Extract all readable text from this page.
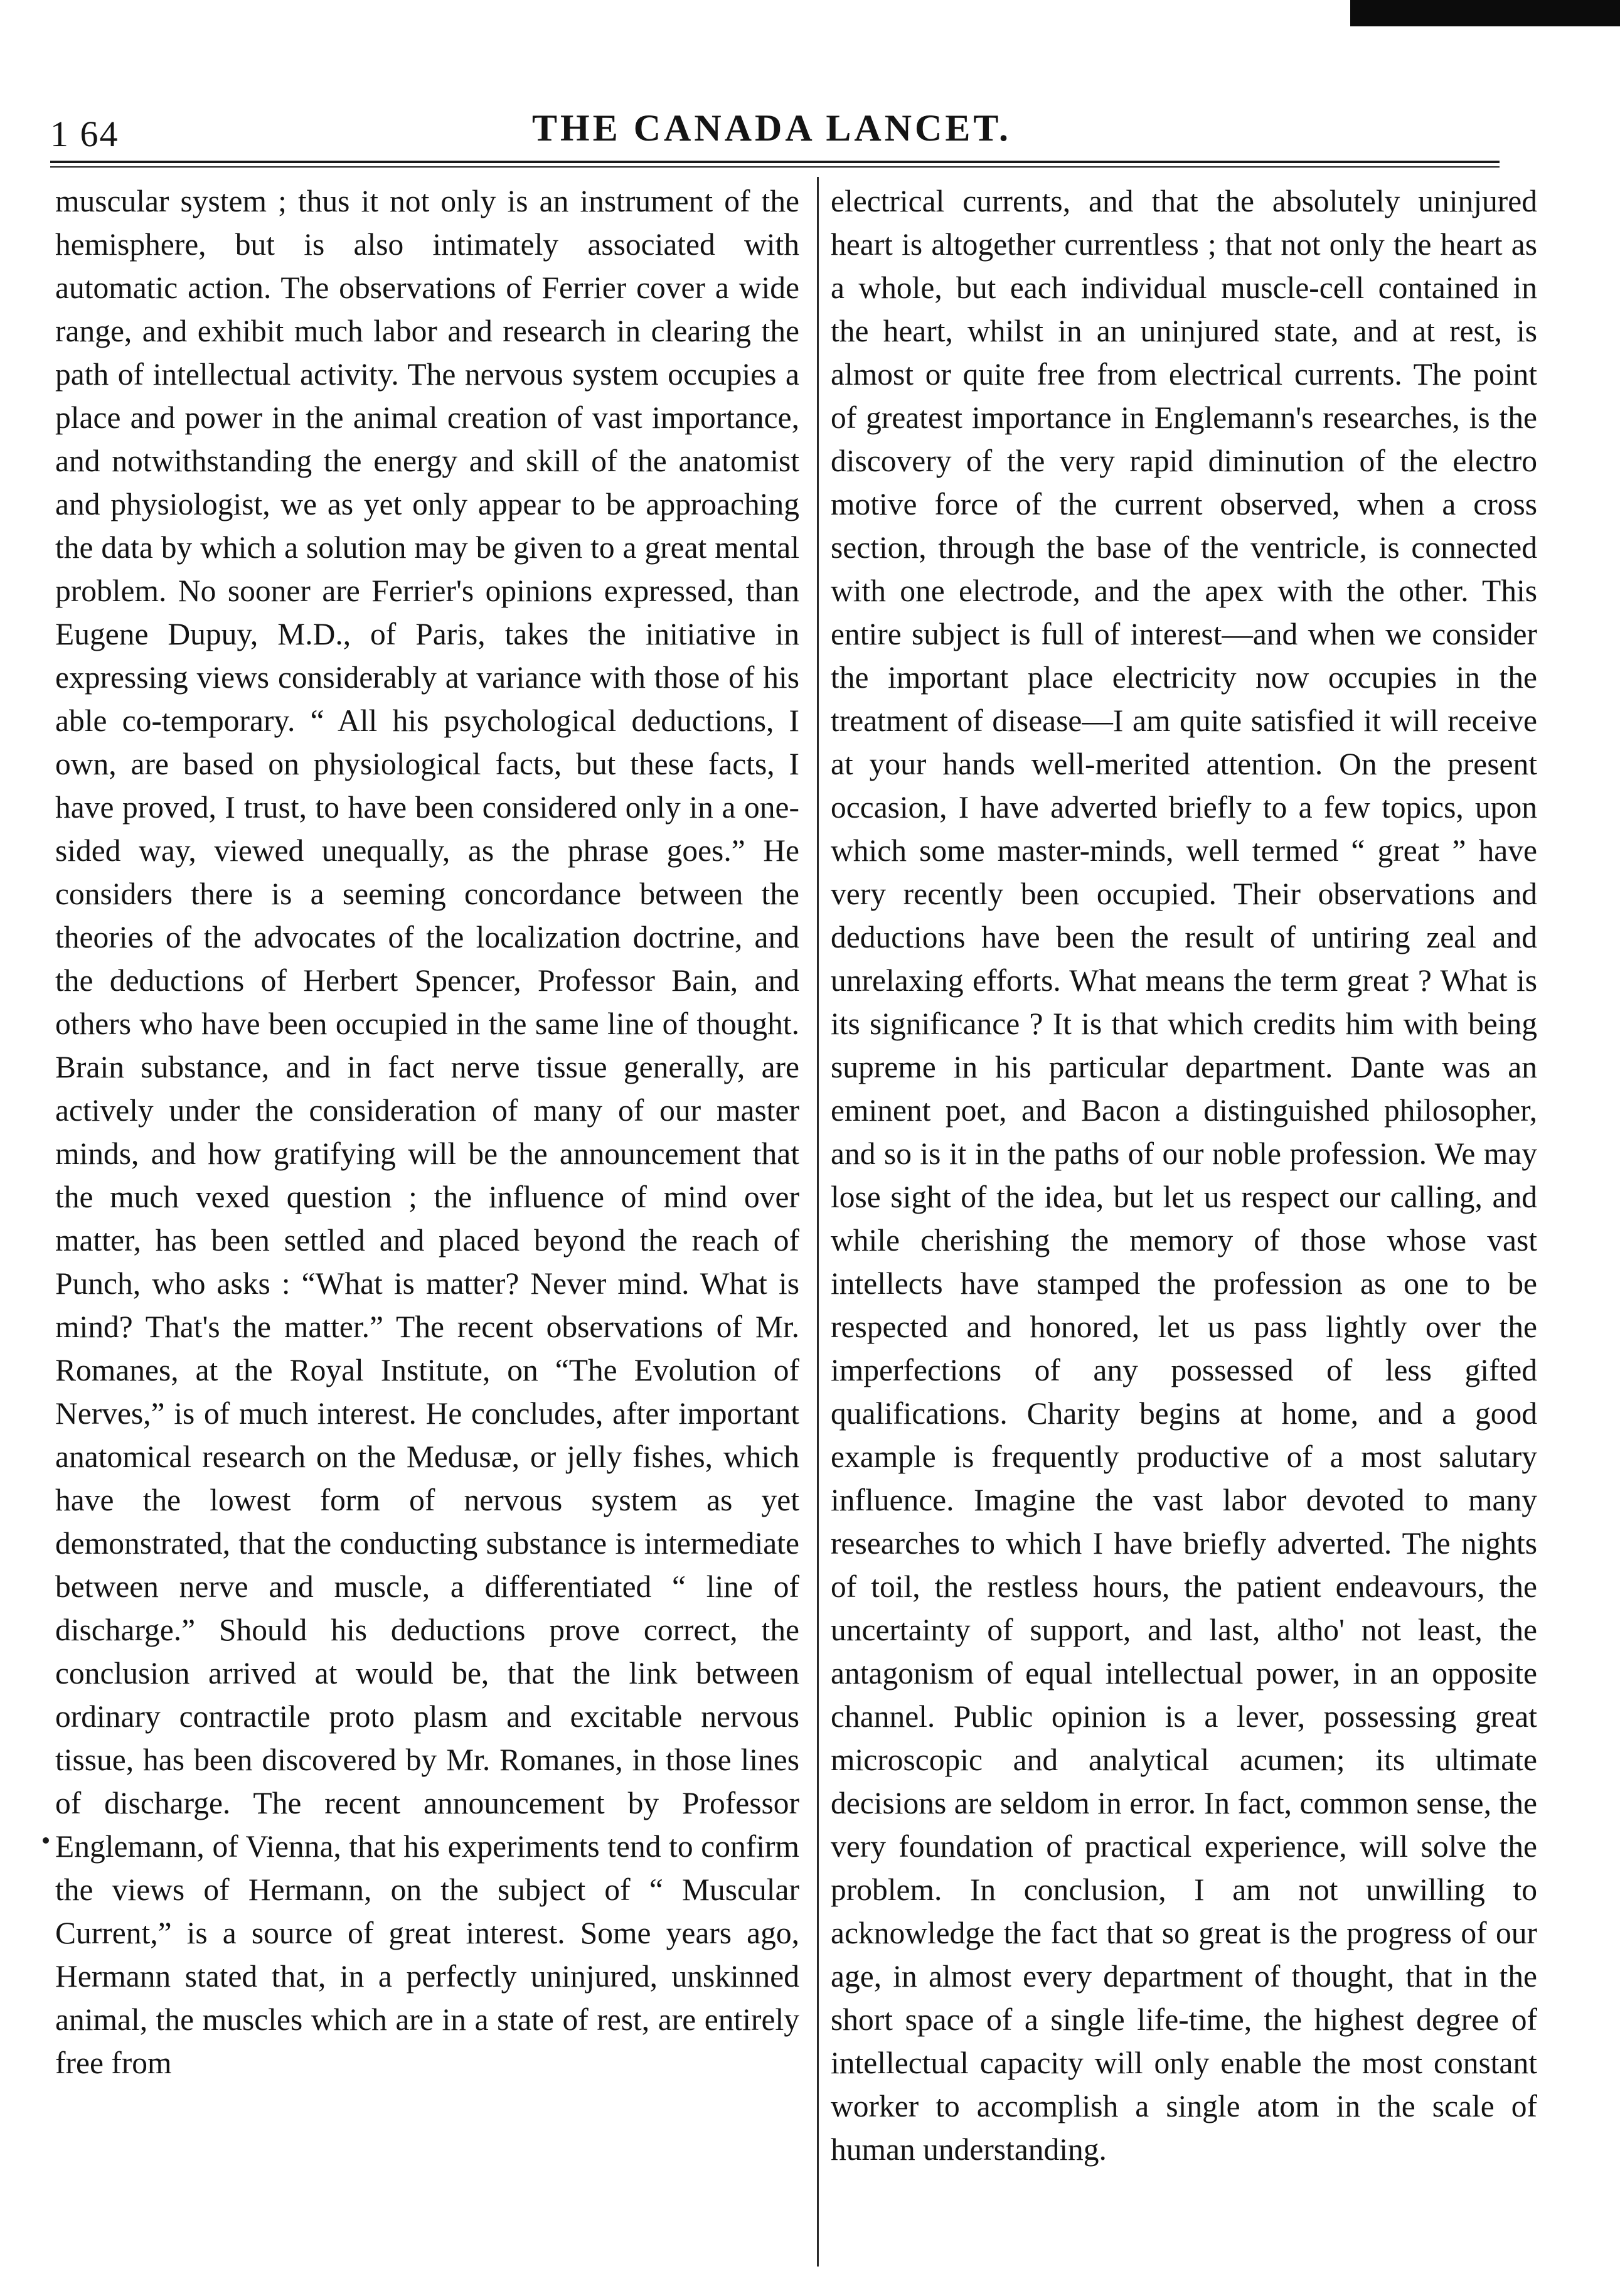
1 64	THE CANADA LANCET.

muscular system ; thus it not only is an instrument of the hemisphere, but is also intimately associated with automatic action. The observations of Ferrier cover a wide range, and exhibit much labor and research in clearing the path of intellectual activity. The nervous system occupies a place and power in the animal creation of vast importance, and notwithstanding the energy and skill of the anatomist and physiologist, we as yet only appear to be approaching the data by which a solution may be given to a great mental problem. No sooner are Ferrier's opinions expressed, than Eugene Dupuy, M.D., of Paris, takes the initiative in expressing views considerably at variance with those of his able co-temporary. “ All his psychological deductions, I own, are based on physiological facts, but these facts, I have proved, I trust, to have been considered only in a one-sided way, viewed unequally, as the phrase goes.” He considers there is a seeming concordance between the theories of the advocates of the localization doctrine, and the deductions of Herbert Spencer, Professor Bain, and others who have been occupied in the same line of thought. Brain substance, and in fact nerve tissue generally, are actively under the consideration of many of our master minds, and how gratifying will be the announcement that the much vexed question ; the influence of mind over matter, has been settled and placed beyond the reach of Punch, who asks : “What is matter? Never mind. What is mind? That's the matter.” The recent observations of Mr. Romanes, at the Royal Institute, on “The Evolution of Nerves,” is of much interest. He concludes, after important anatomical research on the Medusæ, or jelly fishes, which have the lowest form of nervous system as yet demonstrated, that the conducting substance is intermediate between nerve and muscle, a differentiated “ line of discharge.” Should his deductions prove correct, the conclusion arrived at would be, that the link between ordinary contractile proto plasm and excitable nervous tissue, has been discovered by Mr. Romanes, in those lines of discharge. The recent announcement by Professor Englemann, of Vienna, that his experiments tend to confirm the views of Hermann, on the subject of “ Muscular Current,” is a source of great interest. Some years ago, Hermann stated that, in a perfectly uninjured, unskinned animal, the muscles which are in a state of rest, are entirely free from

electrical currents, and that the absolutely uninjured heart is altogether currentless ; that not only the heart as a whole, but each individual muscle-cell contained in the heart, whilst in an uninjured state, and at rest, is almost or quite free from electrical currents. The point of greatest importance in Englemann's researches, is the discovery of the very rapid diminution of the electro motive force of the current observed, when a cross section, through the base of the ventricle, is connected with one electrode, and the apex with the other. This entire subject is full of interest—and when we consider the important place electricity now occupies in the treatment of disease—I am quite satisfied it will receive at your hands well-merited attention. On the present occasion, I have adverted briefly to a few topics, upon which some master-minds, well termed “ great ” have very recently been occupied. Their observations and deductions have been the result of untiring zeal and unrelaxing efforts. What means the term great ? What is its significance ? It is that which credits him with being supreme in his particular department. Dante was an eminent poet, and Bacon a distinguished philosopher, and so is it in the paths of our noble profession. We may lose sight of the idea, but let us respect our calling, and while cherishing the memory of those whose vast intellects have stamped the profession as one to be respected and honored, let us pass lightly over the imperfections of any possessed of less gifted qualifications. Charity begins at home, and a good example is frequently productive of a most salutary influence. Imagine the vast labor devoted to many researches to which I have briefly adverted. The nights of toil, the restless hours, the patient endeavours, the uncertainty of support, and last, altho' not least, the antagonism of equal intellectual power, in an opposite channel. Public opinion is a lever, possessing great microscopic and analytical acumen; its ultimate decisions are seldom in error. In fact, common sense, the very foundation of practical experience, will solve the problem. In conclusion, I am not unwilling to acknowledge the fact that so great is the progress of our age, in almost every department of thought, that in the short space of a single life-time, the highest degree of intellectual capacity will only enable the most constant worker to accomplish a single atom in the scale of human understanding.
